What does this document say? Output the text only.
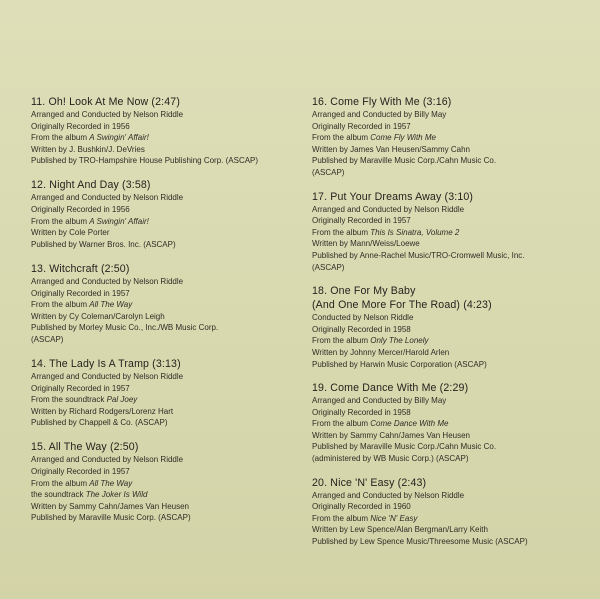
11. Oh! Look At Me Now (2:47)
Arranged and Conducted by Nelson Riddle
Originally Recorded in 1956
From the album A Swingin' Affair!
Written by J. Bushkin/J. DeVries
Published by TRO-Hampshire House Publishing Corp. (ASCAP)
12. Night And Day (3:58)
Arranged and Conducted by Nelson Riddle
Originally Recorded in 1956
From the album A Swingin' Affair!
Written by Cole Porter
Published by Warner Bros. Inc. (ASCAP)
13. Witchcraft (2:50)
Arranged and Conducted by Nelson Riddle
Originally Recorded in 1957
From the album All The Way
Written by Cy Coleman/Carolyn Leigh
Published by Morley Music Co., Inc./WB Music Corp.
(ASCAP)
14. The Lady Is A Tramp (3:13)
Arranged and Conducted by Nelson Riddle
Originally Recorded in 1957
From the soundtrack Pal Joey
Written by Richard Rodgers/Lorenz Hart
Published by Chappell & Co. (ASCAP)
15. All The Way (2:50)
Arranged and Conducted by Nelson Riddle
Originally Recorded in 1957
From the album All The Way
the soundtrack The Joker Is Wild
Written by Sammy Cahn/James Van Heusen
Published by Maraville Music Corp. (ASCAP)
16. Come Fly With Me (3:16)
Arranged and Conducted by Billy May
Originally Recorded in 1957
From the album Come Fly With Me
Written by James Van Heusen/Sammy Cahn
Published by Maraville Music Corp./Cahn Music Co.
(ASCAP)
17. Put Your Dreams Away (3:10)
Arranged and Conducted by Nelson Riddle
Originally Recorded in 1957
From the album This Is Sinatra, Volume 2
Written by Mann/Weiss/Loewe
Published by Anne-Rachel Music/TRO-Cromwell Music, Inc.
(ASCAP)
18. One For My Baby
(And One More For The Road) (4:23)
Conducted by Nelson Riddle
Originally Recorded in 1958
From the album Only The Lonely
Written by Johnny Mercer/Harold Arlen
Published by Harwin Music Corporation (ASCAP)
19. Come Dance With Me (2:29)
Arranged and Conducted by Billy May
Originally Recorded in 1958
From the album Come Dance With Me
Written by Sammy Cahn/James Van Heusen
Published by Maraville Music Corp./Cahn Music Co.
(administered by WB Music Corp.) (ASCAP)
20. Nice 'N' Easy (2:43)
Arranged and Conducted by Nelson Riddle
Originally Recorded in 1960
From the album Nice 'N' Easy
Written by Lew Spence/Alan Bergman/Larry Keith
Published by Lew Spence Music/Threesome Music (ASCAP)
